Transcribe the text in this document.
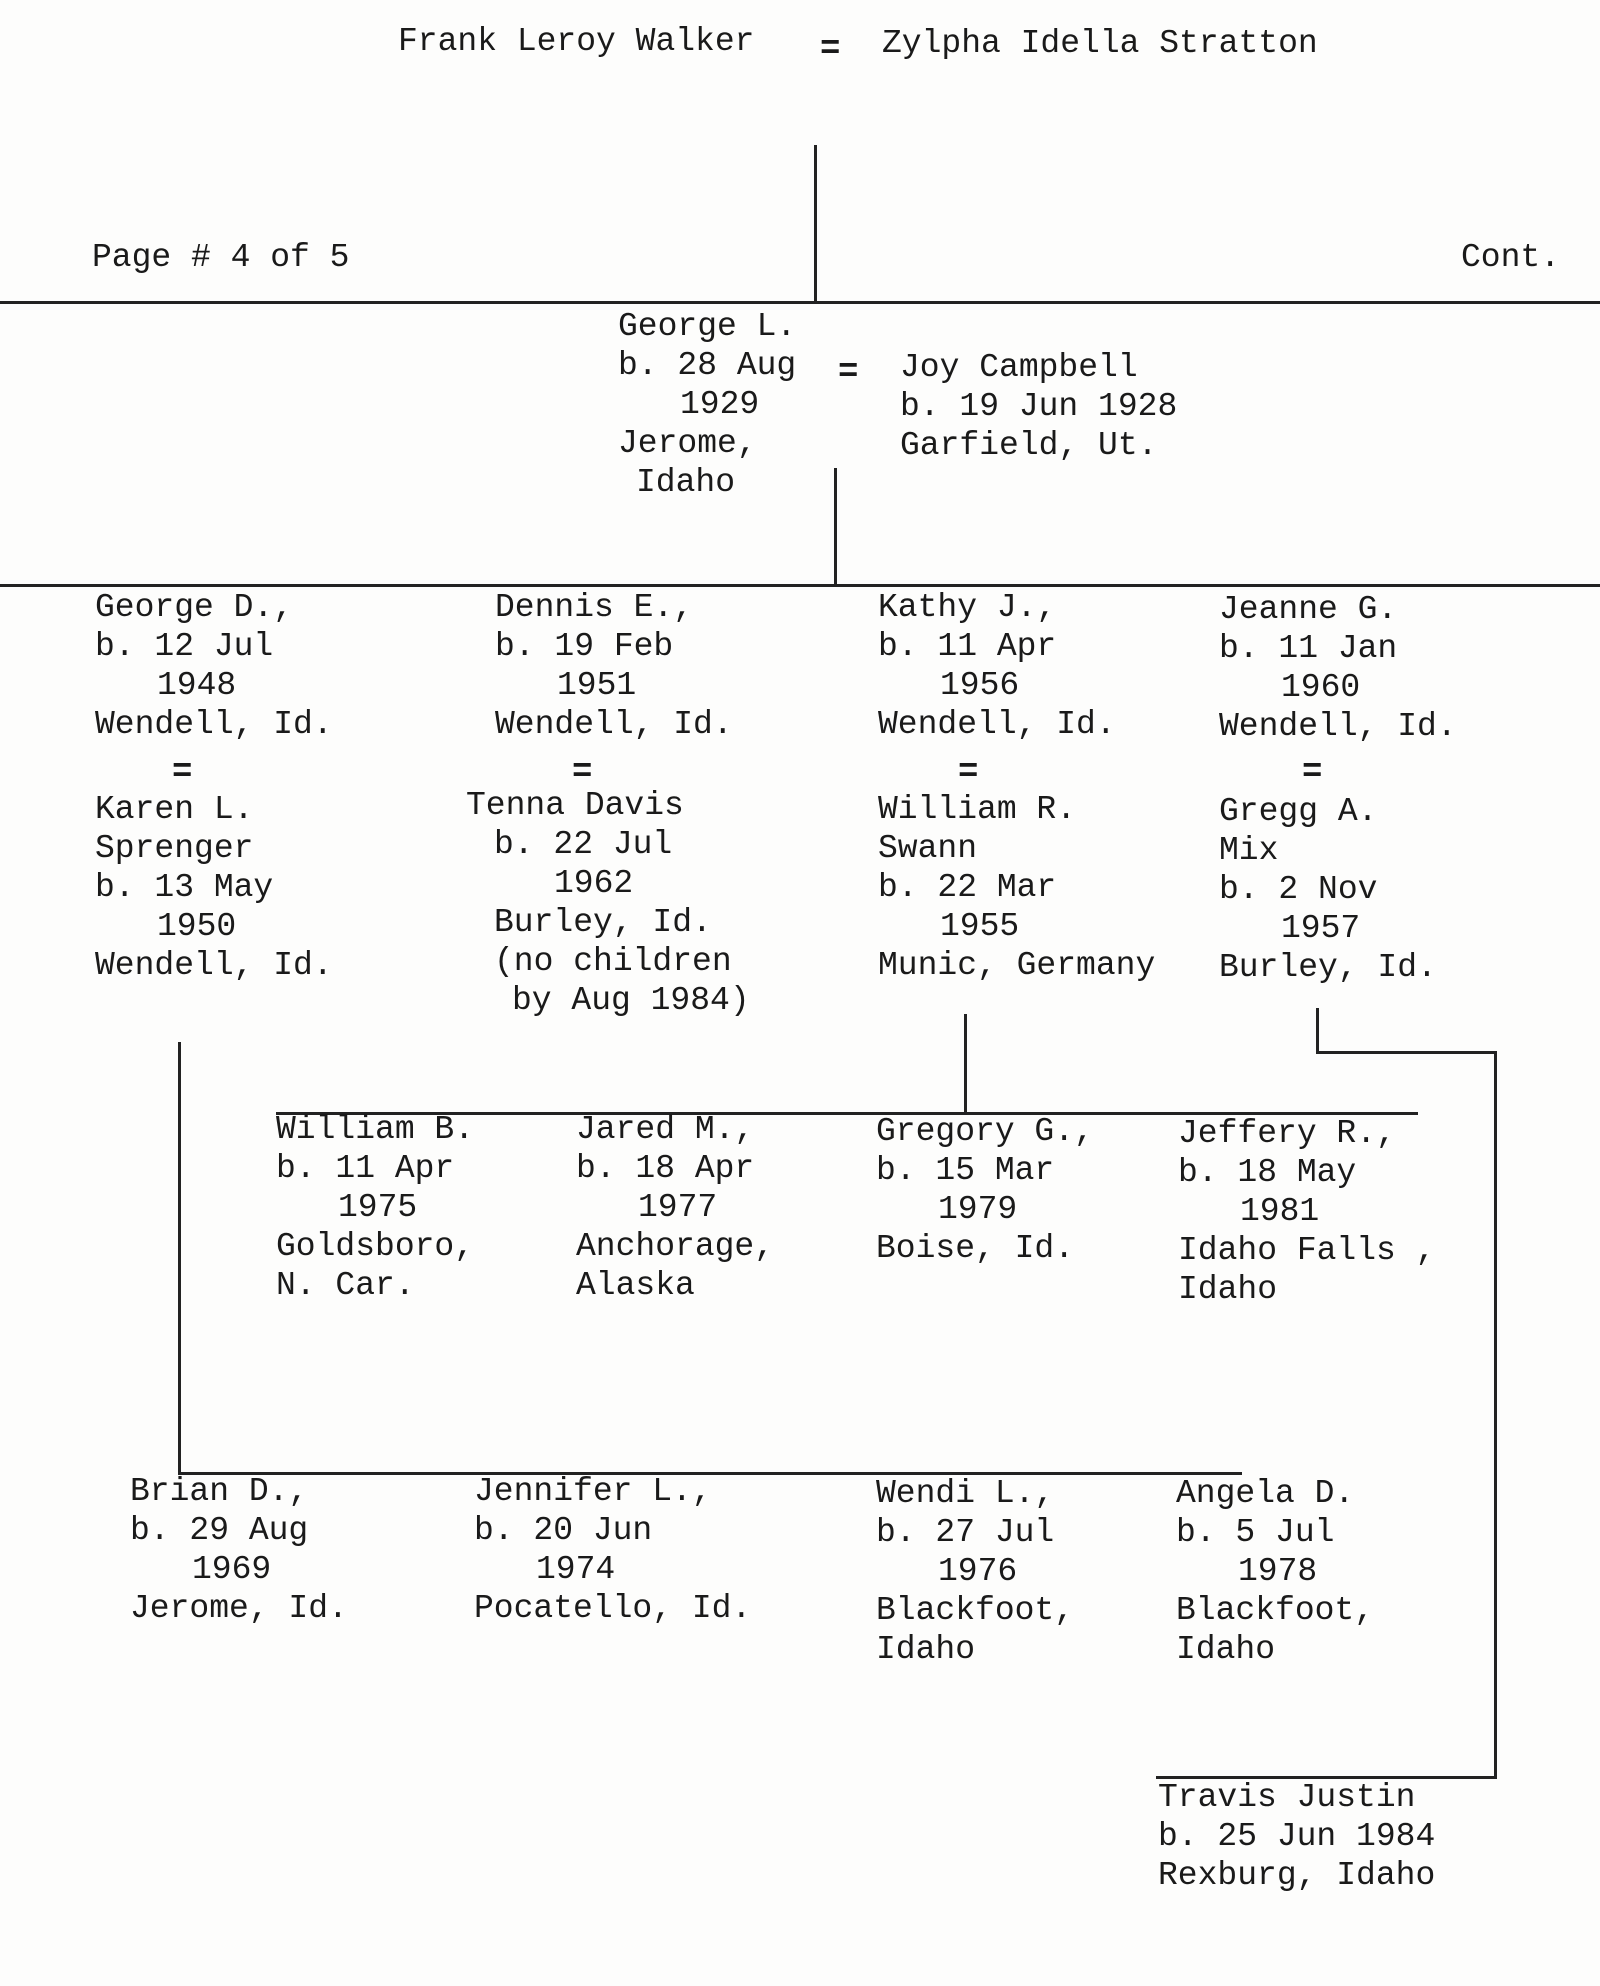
Frank Leroy Walker = Zylpha Idella Stratton
Page # 4 of 5	Cont.
George L.
b. 28 Aug
1929
Jerome,
Idaho
= Joy Campbell
b. 19 Jun 1928
Garfield, Ut.
George D.,
b. 12 Jul
1948
Wendell, Id.
Dennis E.,
b. 19 Feb
1951
Wendell, Id.
Kathy J.,
b. 11 Apr
1956
Wendell, Id.
Jeanne G.
b. 11 Jan
1960
Wendell, Id.
=	=	=	=
Karen L.
Sprenger
b. 13 May
1950
Wendell, Id.
Tenna Davis
b. 22 Jul
1962
Burley, Id.
(no children
by Aug 1984)
William R.
Swann
b. 22 Mar
1955
Munic, Germany
Gregg A.
Mix
b. 2 Nov
1957
Burley, Id.
William B.
b. 11 Apr
1975
Goldsboro,
N. Car.
Jared M.,
b. 18 Apr
1977
Anchorage,
Alaska
Gregory G.,
b. 15 Mar
1979
Boise, Id.
Jeffery R.,
b. 18 May
1981
Idaho Falls ,
Idaho
Brian D.,
b. 29 Aug
1969
Jerome, Id.
Jennifer L.,
b. 20 Jun
1974
Pocatello, Id.
Wendi L.,
b. 27 Jul
1976
Blackfoot,
Idaho
Angela D.
b. 5 Jul
1978
Blackfoot,
Idaho
Travis Justin
b. 25 Jun 1984
Rexburg, Idaho
